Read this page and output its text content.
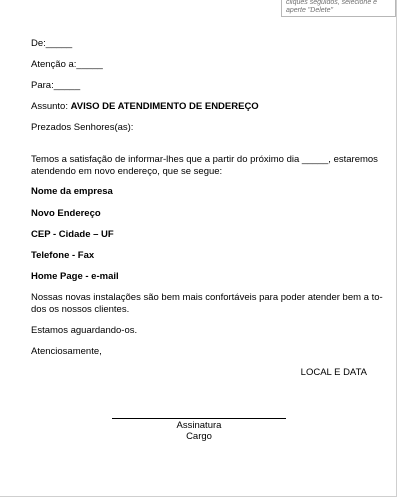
cliques seguidos, selecione e
aperte "Delete"
De:_____
Atenção a:_____
Para:_____
Assunto: AVISO DE ATENDIMENTO DE ENDEREÇO
Prezados Senhores(as):
Temos a satisfação de informar-lhes que a partir do próximo dia _____, estaremos
atendendo em novo endereço, que se segue:
Nome da empresa
Novo Endereço
CEP - Cidade – UF
Telefone - Fax
Home Page - e-mail
Nossas novas instalações são bem mais confortáveis para poder atender bem a to-
dos os nossos clientes.
Estamos aguardando-os.
Atenciosamente,
LOCAL E DATA
Assinatura
Cargo
